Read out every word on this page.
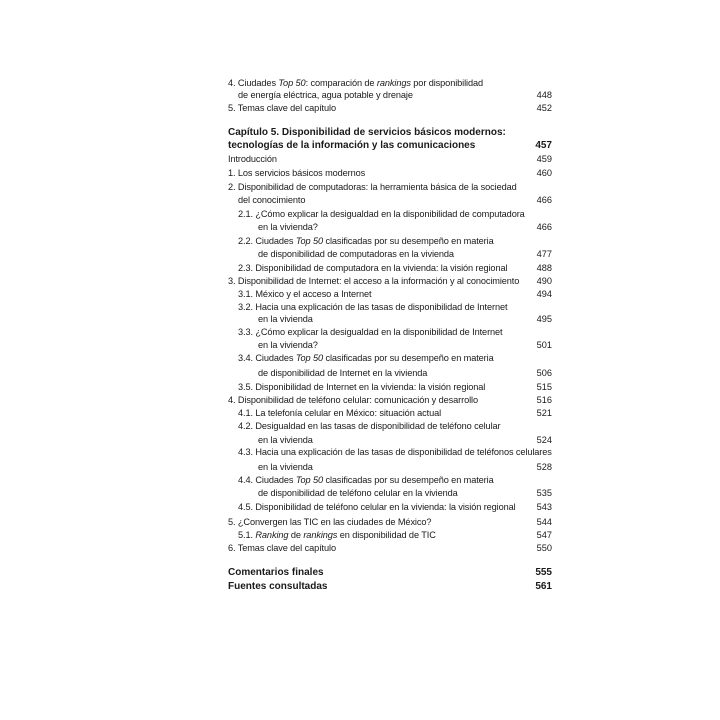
4. Ciudades Top 50: comparación de rankings por disponibilidad
de energía eléctrica, agua potable y drenaje	448
5. Temas clave del capítulo	452
Capítulo 5. Disponibilidad de servicios básicos modernos:
tecnologías de la información y las comunicaciones	457
Introducción	459
1. Los servicios básicos modernos	460
2. Disponibilidad de computadoras: la herramienta básica de la sociedad
del conocimiento	466
2.1. ¿Cómo explicar la desigualdad en la disponibilidad de computadora
en la vivienda?	466
2.2. Ciudades Top 50 clasificadas por su desempeño en materia
de disponibilidad de computadoras en la vivienda	477
2.3. Disponibilidad de computadora en la vivienda: la visión regional	488
3. Disponibilidad de Internet: el acceso a la información y al conocimiento	490
3.1. México y el acceso a Internet	494
3.2. Hacia una explicación de las tasas de disponibilidad de Internet
en la vivienda	495
3.3. ¿Cómo explicar la desigualdad en la disponibilidad de Internet
en la vivienda?	501
3.4. Ciudades Top 50 clasificadas por su desempeño en materia
de disponibilidad de Internet en la vivienda	506
3.5. Disponibilidad de Internet en la vivienda: la visión regional	515
4. Disponibilidad de teléfono celular: comunicación y desarrollo	516
4.1. La telefonía celular en México: situación actual	521
4.2. Desigualdad en las tasas de disponibilidad de teléfono celular
en la vivienda	524
4.3. Hacia una explicación de las tasas de disponibilidad de teléfonos celulares
en la vivienda	528
4.4. Ciudades Top 50 clasificadas por su desempeño en materia
de disponibilidad de teléfono celular en la vivienda	535
4.5. Disponibilidad de teléfono celular en la vivienda: la visión regional	543
5. ¿Convergen las TIC en las ciudades de México?	544
5.1. Ranking de rankings en disponibilidad de TIC	547
6. Temas clave del capítulo	550
Comentarios finales	555
Fuentes consultadas	561
